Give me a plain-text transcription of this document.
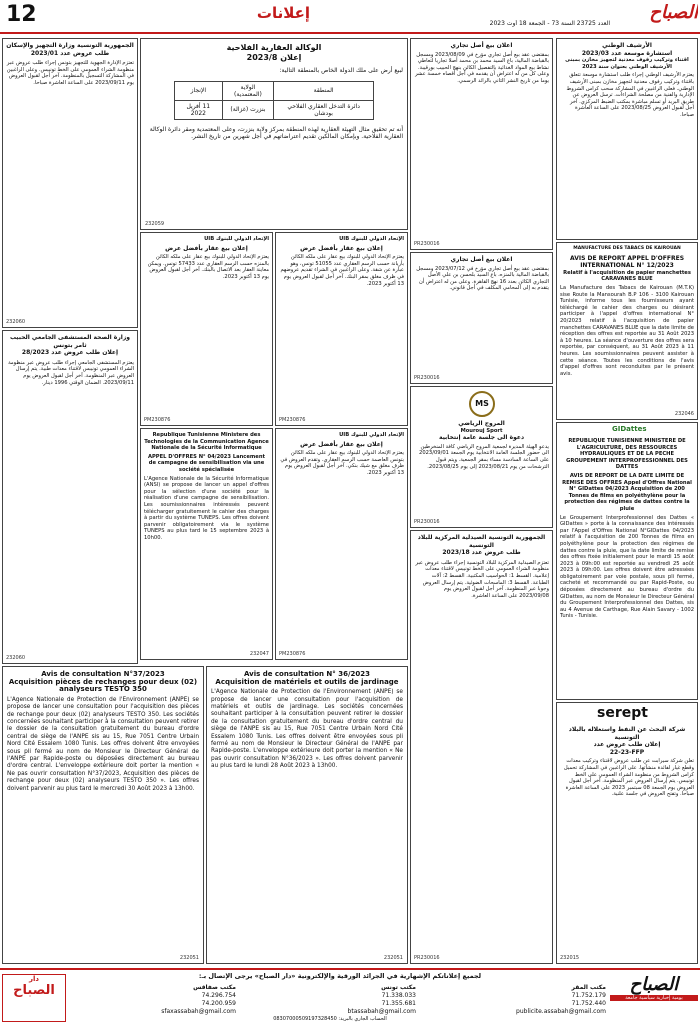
12	إعلانات
العدد 23725 السنة 73 - الجمعة 18 أوت 2023
الصباح
الأرشيف الوطني
استشارة موسعة عدد 2023/03
اقتناء وتركيب رفوف معدنية لتجهيز مخازن بمبنى الأرشيف الوطني بعنوان سنة 2023
يعتزم الأرشيف الوطني إجراء طلب استشارة موسعة تتعلق باقتناء وتركيب رفوف معدنية لتجهيز مخازن بمبنى الأرشيف الوطني. فعلى الراغبين في المشاركة سحب كراس الشروط الإدارية والفنية من مصلحة الشراءات. ترسل العروض عن طريق البريد أو تسلم مباشرة بمكتب الضبط المركزي. آخر أجل لقبول العروض 2023/08/25 على الساعة العاشرة صباحا.
MANUFACTURE DES TABACS DE KAIROUAN
AVIS DE REPORT APPEL D'OFFRES INTERNATIONAL N° 12/2023
Relatif à l'acquisition de papier manchettes CARAVANES BLUE
La Manufacture des Tabacs de Kairouan (M.T.K) sise Route la Mansourah B.P 106 - 3100 Kairouan Tunisie, informe tous les fournisseurs ayant téléchargé le cahier des charges ou désirant participer à l'appel d'offres international N° 20/2023 relatif à l'acquisition de papier manchettes CARAVANES BLUE que la date limite de réception des offres est reportée au 31 Août 2023 à 10 heures. La séance d'ouverture des offres sera reportée, par conséquent, au 31 Août 2023 à 11 heures. Les soumissionnaires peuvent assister à cette séance. Toutes les conditions de l'avis d'appel d'offres sont reconduites par le présent avis.
232046
GIDattes
REPUBLIQUE TUNISIENNE MINISTERE DE L'AGRICULTURE, DES RESSOURCES HYDRAULIQUES ET DE LA PECHE GROUPEMENT INTERPROFESSIONNEL DES DATTES
AVIS DE REPORT DE LA DATE LIMITE DE REMISE DES OFFRES Appel d'Offres National N° GIDattes 04/2023 Acquisition de 200 Tonnes de films en polyéthylène pour la protection des régimes de dattes contre la pluie
Le Groupement Interprofessionnel des Dattes « GIDattes » porte à la connaissance des intéressés par l'Appel d'Offres National N°GIDattes 04/2023 relatif à l'acquisition de 200 Tonnes de films en polyéthylène pour la protection des régimes de dattes contre la pluie, que la date limite de remise des offres fixée initialement pour le mardi 15 août 2023 à 09h:00 est reportée au vendredi 25 août 2023 à 09h:00. Les offres doivent être adressées obligatoirement par voie postale, sous pli fermé, cacheté et recommandé ou par Rapid-Poste, ou déposées directement au bureau d'ordre du GIDattes, au nom de Monsieur le Directeur Général du Groupement Interprofessionnel des Dattes, sis au 4 Avenue de Carthage, Rue Alain Savary - 1002 Tunis - Tunisie.
serept
شركة البحث عن النفط واستغلاله بالبلاد التونسية
إعلان طلب عروض عدد
22-23-FFP
تعلن شركة سيرابت عن طلب عروض لاقتناء وتركيب معدات وقطع غيار لفائدة منشآتها. على الراغبين في المشاركة تحميل كراس الشروط من منظومة الشراء العمومي على الخط تونيبس. يتم إرسال العروض عبر المنظومة. آخر أجل لقبول العروض يوم الجمعة 08 سبتمبر 2023 على الساعة العاشرة صباحا. وتفتح العروض في جلسة علنية.
232015
اعلان بيع أصل تجاري
بمقتضى عقد بيع أصل تجاري مؤرخ في 2023/08/09 ومسجل بالقباضة المالية، باع السيد محمد بن محمد أصلا تجاريا لتعاطي نشاط بيع المواد الغذائية بالتفصيل الكائن بنهج الحبيب بورقيبة. وعلى كل من له اعتراض أن يقدمه في أجل أقصاه خمسة عشر يوما من تاريخ النشر الثاني بالرائد الرسمي.
PR230016
اعلان بيع أصل تجاري
بمقتضى عقد بيع أصل تجاري مؤرخ في 2023/07/12 ومسجل بالقباضة المالية بالمنزه، باع السيد بلحسن بن علي الأصل التجاري الكائن بعدد 16 نهج القاهرة. وعلى من له اعتراض أن يتقدم به إلى المحامي المكلف في أجل قانوني.
PR230016
MS
المروج الرياضي
Mourouj Sport
دعوة الى جلسة عامة إنتخابية
يدعو الهيئة المديرة لجمعية المروج الرياضي كافة المنخرطين الى حضور الجلسة العامة الانتخابية يوم الجمعة 2023/09/01 على الساعة السادسة مساء بمقر الجمعية. ويتم قبول الترشحات من يوم 2023/08/21 إلى يوم 2023/08/25.
PR230016
الجمهورية التونسية الصيدلية المركزية للبلاد التونسية
طلب عروض عدد 2023/18
تعتزم الصيدلية المركزية للبلاد التونسية إجراء طلب عروض عبر منظومة الشراء العمومي على الخط تونيبس لاقتناء معدات إعلامية. القسط 1: الحواسيب المكتبية. القسط 2: آلات الطباعة. القسط 3: الماسحات الضوئية. يتم إرسال العروض وجوبا عبر المنظومة. آخر أجل لقبول العروض يوم 2023/09/08 على الساعة العاشرة.
PR230016
الوكالة العقارية الفلاحية
إعلان 2023/8
لبيع أرض على ملك الدولة الخاص بالمنطقة التالية:
المنطقة	الولاية (المعتمدية)	الإنجاز
دائرة التدخل العقاري الفلاحي بودشان	بنزرت (غزالة)	11 أفريل 2022
أنه تم تحقيق مثال التهيئة العقارية لهذه المنطقة بمركز ولاية بنزرت، وعلى المعتمدية ومقر دائرة الوكالة العقارية الفلاحية. وبإمكان المالكين تقديم اعتراضاتهم في أجل شهرين من تاريخ النشر.
232059
الإتحاد الدولي للبنوك UIB
إعلان بيع عقار بأفضل عرض
يعتزم الإتحاد الدولي للبنوك بيع عقار على ملكه الكائن بأريانة حسب الرسم العقاري عدد 51055 تونس، وهو عبارة عن شقة. وعلى الراغبين في الشراء تقديم عروضهم في ظرف مغلق بمقر البنك. آخر أجل لقبول العروض يوم 13 أكتوبر 2023.
PM230876
الإتحاد الدولي للبنوك UIB
إعلان بيع عقار بأفضل عرض
يعتزم الإتحاد الدولي للبنوك بيع عقار على ملكه الكائن بالمنزه حسب الرسم العقاري عدد 57433 تونس. ويمكن معاينة العقار بعد الاتصال بالبنك. آخر أجل لقبول العروض يوم 13 أكتوبر 2023.
PM230876
الإتحاد الدولي للبنوك UIB
إعلان بيع عقار بأفضل عرض
يعتزم الإتحاد الدولي للبنوك بيع عقار على ملكه الكائن بتونس العاصمة حسب الرسم العقاري. وتقدم العروض في ظرف مغلق مع شيك بنكي. آخر أجل لقبول العروض يوم 13 أكتوبر 2023.
PM230876
Republique Tunisienne Ministere des Technologies de la Communication Agence Nationale de la Sécurité Informatique
APPEL D'OFFRES N° 04/2023 Lancement de campagne de sensibilisation via une société spécialisée
L'Agence Nationale de la Sécurité Informatique (ANSI) se propose de lancer un appel d'offres pour la sélection d'une société pour la réalisation d'une campagne de sensibilisation. Les soumissionnaires intéressés peuvent télécharger gratuitement le cahier des charges à partir du système TUNEPS. Les offres doivent parvenir obligatoirement via le système TUNEPS au plus tard le 15 septembre 2023 à 10h00.
232047
الجمهورية التونسية وزارة التجهيز والإسكان
طلب عروض عدد 2023/01
تعتزم الإدارة الجهوية للتجهيز بتونس إجراء طلب عروض عبر منظومة الشراء العمومي على الخط تونيبس. وعلى الراغبين في المشاركة التسجيل بالمنظومة. آخر أجل لقبول العروض يوم 2023/09/11 على الساعة العاشرة صباحا.
232060
وزارة الصحة المستشفى الجامعي الحبيب ثامر بتونس
إعلان طلب عروض عدد 28/2023
يعتزم المستشفى الجامعي إجراء طلب عروض عبر منظومة الشراء العمومي تونيبس لاقتناء معدات طبية. يتم إرسال العروض عبر المنظومة. آخر أجل لقبول العروض يوم 2023/09/11. الضمان الوقتي 1996 دينار.
232060
Avis de consultation N°37/2023
Acquisition pièces de rechanges pour deux (02) analyseurs TESTO 350
L'Agence Nationale de Protection de l'Environnement (ANPE) se propose de lancer une consultation pour l'acquisition des pièces de rechange pour deux (02) analyseurs TESTO 350. Les sociétés concernées souhaitant participer à la consultation peuvent retirer le dossier de la consultation gratuitement du bureau d'ordre central de siège de l'ANPE sis au 15, Rue 7051 Centre Urbain Nord Cité Essalem 1080 Tunis. Les offres doivent être envoyées sous pli fermé au nom de Monsieur le Directeur Général de l'ANPE par Rapide-poste ou déposées directement au bureau d'ordre central. L'enveloppe extérieure doit porter la mention « Ne pas ouvrir consultation N°37/2023, Acquisition des pièces de rechange pour deux (02) analyseurs TESTO 350 ». Les offres doivent parvenir au plus tard le mercredi 30 Août 2023 à 13h00.
232051
Avis de consultation N° 36/2023
Acquisition de matériels et outils de jardinage
L'Agence Nationale de Protection de l'Environnement (ANPE) se propose de lancer une consultation pour l'acquisition de matériels et outils de jardinage. Les sociétés concernées souhaitant participer à la consultation peuvent retirer le dossier de la consultation gratuitement du bureau d'ordre central du siège de l'ANPE sis au 15, Rue 7051 Centre Urbain Nord Cité Essalem 1080 Tunis. Les offres doivent être envoyées sous pli fermé au nom de Monsieur le Directeur Général de l'ANPE par Rapide-poste. L'enveloppe extérieure doit porter la mention « Ne pas ouvrir consultation N°36/2023 ». Les offres doivent parvenir au plus tard le lundi 28 Août 2023 à 13h00.
232051
لجميع إعلاناتكم الإشهارية في الجرائد الورقية والإلكترونية «دار الصباح» يرجى الإتصال بـ:	الصباح
يومية إخبارية سياسية جامعة
مكتب المقر
71.752.179
71.752.440
publicite.assabah@gmail.com
مكتب تونس
71.338.033
71.355.681
btassabah@gmail.com
مكتب صفاقس
74.296.754
74.200.959
sfaxassabah@gmail.com
الحساب الجاري بالبريد: 08307000509197328450
دار
الصباح
